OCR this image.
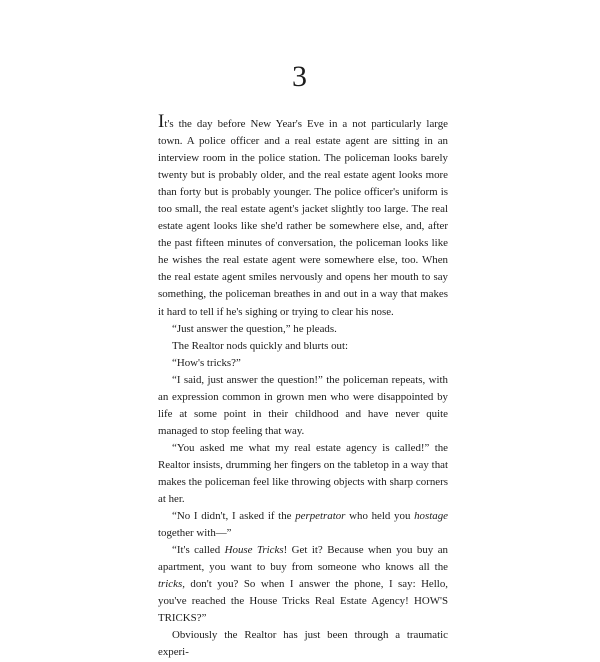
3

It's the day before New Year's Eve in a not particularly large town. A police officer and a real estate agent are sitting in an interview room in the police station. The policeman looks barely twenty but is probably older, and the real estate agent looks more than forty but is probably younger. The police officer's uniform is too small, the real estate agent's jacket slightly too large. The real estate agent looks like she'd rather be somewhere else, and, after the past fifteen minutes of conversation, the policeman looks like he wishes the real estate agent were somewhere else, too. When the real estate agent smiles nervously and opens her mouth to say something, the policeman breathes in and out in a way that makes it hard to tell if he's sighing or trying to clear his nose.

“Just answer the question,” he pleads.

The Realtor nods quickly and blurts out:

“How's tricks?”

“I said, just answer the question!” the policeman repeats, with an expression common in grown men who were disappointed by life at some point in their childhood and have never quite managed to stop feeling that way.

“You asked me what my real estate agency is called!” the Realtor insists, drumming her fingers on the tabletop in a way that makes the policeman feel like throwing objects with sharp corners at her.

“No I didn't, I asked if the perpetrator who held you hostage together with—”

“It's called House Tricks! Get it? Because when you buy an apartment, you want to buy from someone who knows all the tricks, don't you? So when I answer the phone, I say: Hello, you've reached the House Tricks Real Estate Agency! HOW'S TRICKS?”

Obviously the Realtor has just been through a traumatic experi-
